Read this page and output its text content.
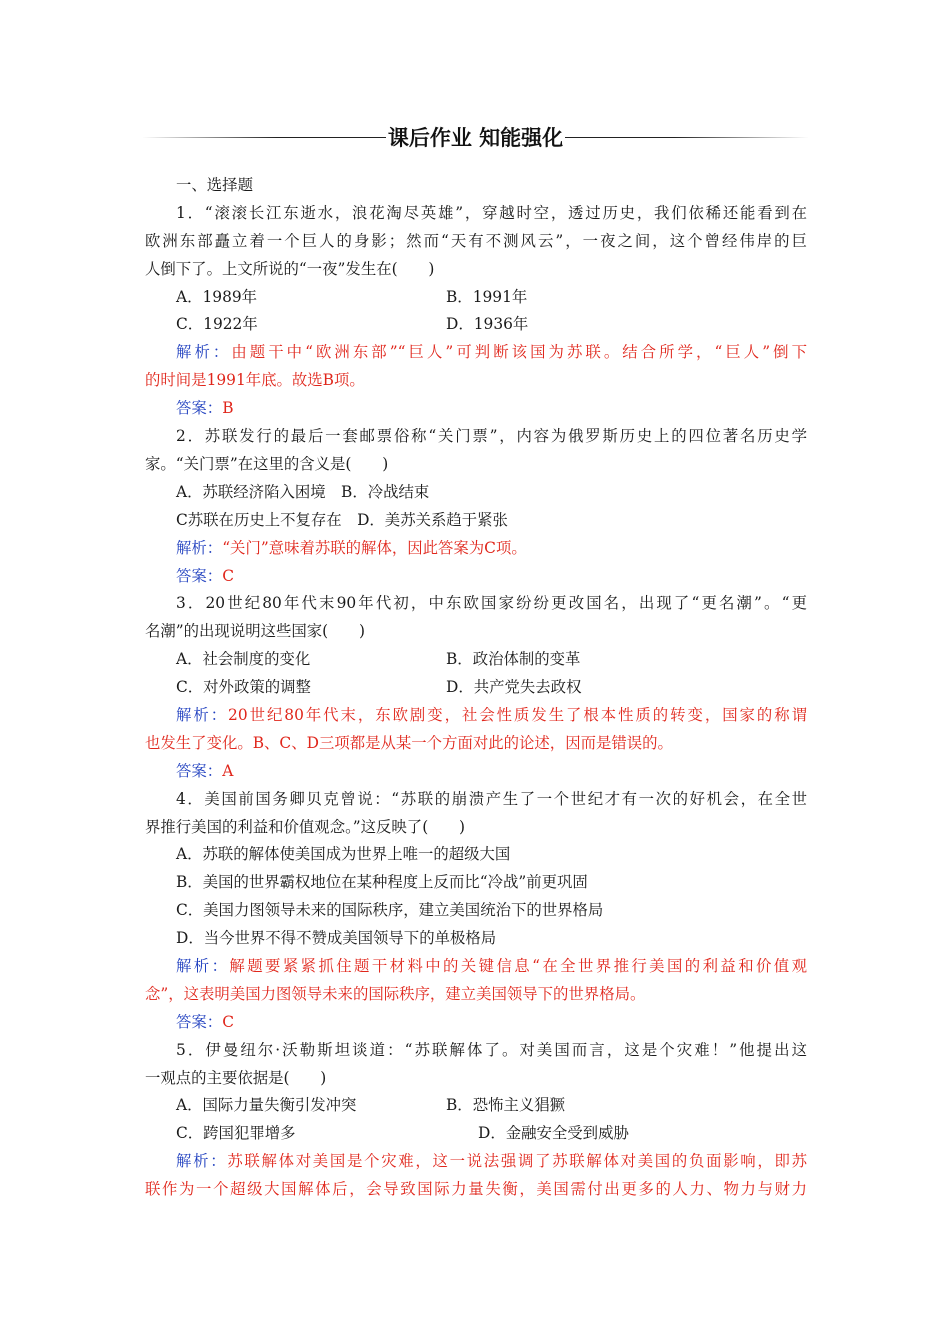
课后作业 知能强化
一、选择题
1．“滚滚长江东逝水，浪花淘尽英雄”，穿越时空，透过历史，我们依稀还能看到在
欧洲东部矗立着一个巨人的身影；然而“天有不测风云”，一夜之间，这个曾经伟岸的巨
人倒下了。上文所说的“一夜”发生在(　　)
A．1989年	B．1991年
C．1922年	D．1936年
解析：由题干中“欧洲东部”“巨人”可判断该国为苏联。结合所学，“巨人”倒下
的时间是1991年底。故选B项。
答案：B
2．苏联发行的最后一套邮票俗称“关门票”，内容为俄罗斯历史上的四位著名历史学
家。“关门票”在这里的含义是(　　)
A．苏联经济陷入困境　B．冷战结束
C苏联在历史上不复存在　D．美苏关系趋于紧张
解析：“关门”意味着苏联的解体，因此答案为C项。
答案：C
3．20世纪80年代末90年代初，中东欧国家纷纷更改国名，出现了“更名潮”。“更
名潮”的出现说明这些国家(　　)
A．社会制度的变化	B．政治体制的变革
C．对外政策的调整	D．共产党失去政权
解析：20世纪80年代末，东欧剧变，社会性质发生了根本性质的转变，国家的称谓
也发生了变化。B、C、D三项都是从某一个方面对此的论述，因而是错误的。
答案：A
4．美国前国务卿贝克曾说：“苏联的崩溃产生了一个世纪才有一次的好机会，在全世
界推行美国的利益和价值观念。”这反映了(　　)
A．苏联的解体使美国成为世界上唯一的超级大国
B．美国的世界霸权地位在某种程度上反而比“冷战”前更巩固
C．美国力图领导未来的国际秩序，建立美国统治下的世界格局
D．当今世界不得不赞成美国领导下的单极格局
解析：解题要紧紧抓住题干材料中的关键信息“在全世界推行美国的利益和价值观
念”，这表明美国力图领导未来的国际秩序，建立美国领导下的世界格局。
答案：C
5．伊曼纽尔·沃勒斯坦谈道：“苏联解体了。对美国而言，这是个灾难！”他提出这
一观点的主要依据是(　　)
A．国际力量失衡引发冲突	B．恐怖主义猖獗
C．跨国犯罪增多	D．金融安全受到威胁
解析：苏联解体对美国是个灾难，这一说法强调了苏联解体对美国的负面影响，即苏
联作为一个超级大国解体后，会导致国际力量失衡，美国需付出更多的人力、物力与财力
